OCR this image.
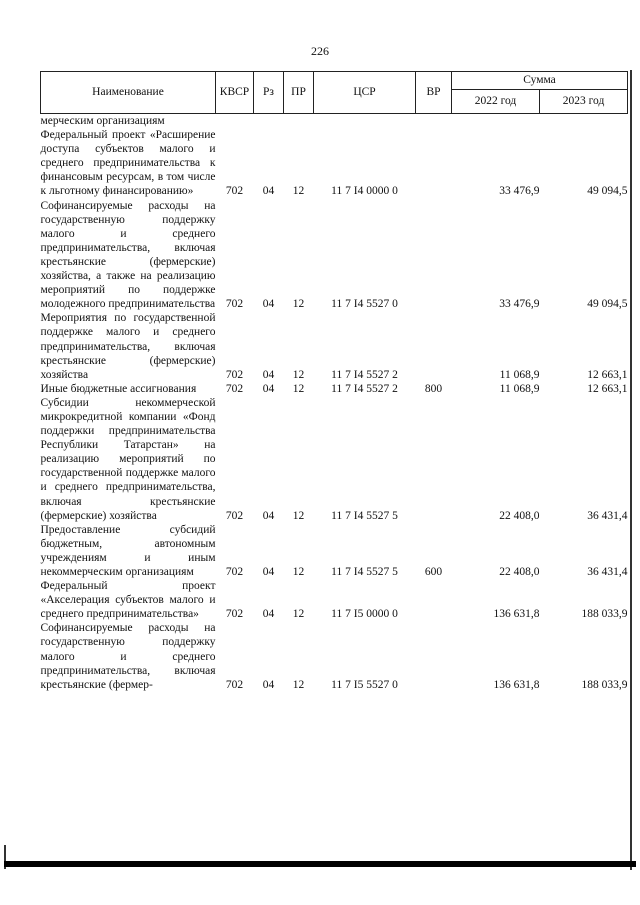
226
Наименование	КВСР	Рз	ПР	ЦСР	ВР	Сумма	
						2022 год	2023 год
мерческим организациям							
Федеральный проект «Расширение доступа субъектов малого и среднего предпринимательства к финансовым ресурсам, в том числе к льготному финансированию»	702	04	12	11 7 I4 0000 0		33 476,9	49 094,5
Софинансируемые расходы на государственную поддержку малого и среднего предпринимательства, включая крестьянские (фермерские) хозяйства, а также на реализацию мероприятий по поддержке молодежного предпринимательства	702	04	12	11 7 I4 5527 0		33 476,9	49 094,5
Мероприятия по государственной поддержке малого и среднего предпринимательства, включая крестьянские (фермерские) хозяйства	702	04	12	11 7 I4 5527 2		11 068,9	12 663,1
Иные бюджетные ассигнования	702	04	12	11 7 I4 5527 2	800	11 068,9	12 663,1
Субсидии некоммерческой микрокредитной компании «Фонд поддержки предпринимательства Республики Татарстан» на реализацию мероприятий по государственной поддержке малого и среднего предпринимательства, включая крестьянские (фермерские) хозяйства	702	04	12	11 7 I4 5527 5		22 408,0	36 431,4
Предоставление субсидий бюджетным, автономным учреждениям и иным некоммерческим организациям	702	04	12	11 7 I4 5527 5	600	22 408,0	36 431,4
Федеральный проект «Акселерация субъектов малого и среднего предпринимательства»	702	04	12	11 7 I5 0000 0		136 631,8	188 033,9
Софинансируемые расходы на государственную поддержку малого и среднего предпринимательства, включая крестьянские (фермер-	702	04	12	11 7 I5 5527 0		136 631,8	188 033,9
